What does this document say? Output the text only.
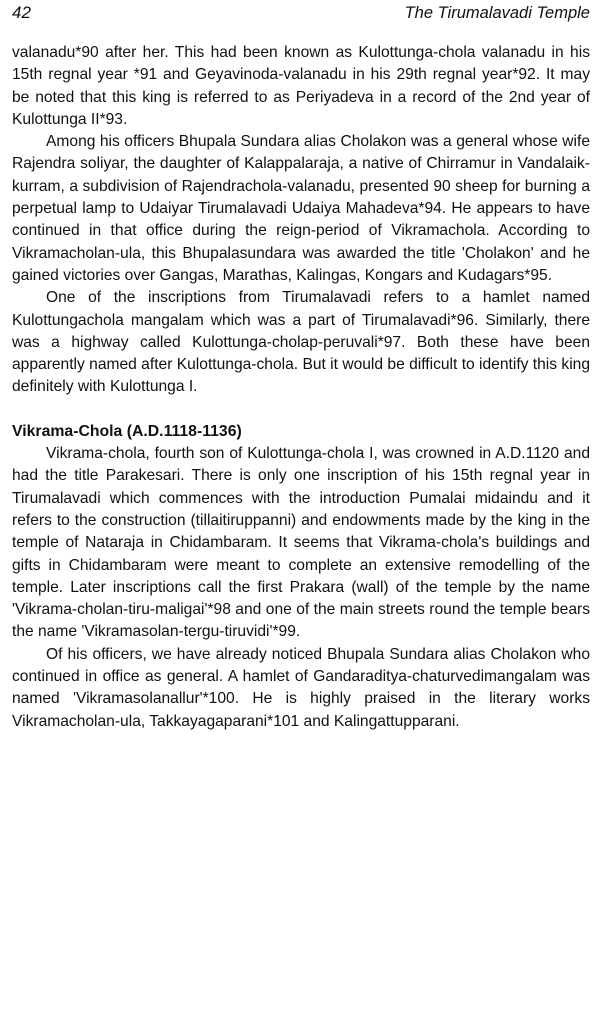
42	The Tirumalavadi Temple

valanadu*90 after her. This had been known as Kulottunga-chola valanadu in his 15th regnal year *91 and Geyavinoda-valanadu in his 29th regnal year*92. It may be noted that this king is referred to as Periyadeva in a record of the 2nd year of Kulottunga II*93.

Among his officers Bhupala Sundara alias Cholakon was a general whose wife Rajendra soliyar, the daughter of Kalappalaraja, a native of Chirramur in Vandalaik-kurram, a subdivision of Rajendrachola-valanadu, presented 90 sheep for burning a perpetual lamp to Udaiyar Tirumalavadi Udaiya Mahadeva*94. He appears to have continued in that office during the reign-period of Vikramachola. According to Vikramacholan-ula, this Bhupalasundara was awarded the title 'Cholakon' and he gained victories over Gangas, Marathas, Kalingas, Kongars and Kudagars*95.

One of the inscriptions from Tirumalavadi refers to a hamlet named Kulottungachola mangalam which was a part of Tirumalavadi*96. Similarly, there was a highway called Kulottunga-cholap-peruvali*97. Both these have been apparently named after Kulottunga-chola. But it would be difficult to identify this king definitely with Kulottunga I.

Vikrama-Chola (A.D.1118-1136)

Vikrama-chola, fourth son of Kulottunga-chola I, was crowned in A.D.1120 and had the title Parakesari. There is only one inscription of his 15th regnal year in Tirumalavadi which commences with the introduction Pumalai midaindu and it refers to the construction (tillaitiruppanni) and endowments made by the king in the temple of Nataraja in Chidambaram. It seems that Vikrama-chola's buildings and gifts in Chidambaram were meant to complete an extensive remodelling of the temple. Later inscriptions call the first Prakara (wall) of the temple by the name 'Vikrama-cholan-tiru-maligai'*98 and one of the main streets round the temple bears the name 'Vikramasolan-tergu-tiruvidi'*99.

Of his officers, we have already noticed Bhupala Sundara alias Cholakon who continued in office as general. A hamlet of Gandaraditya-chaturvedimangalam was named 'Vikramasolanallur'*100. He is highly praised in the literary works Vikramacholan-ula, Takkayagaparani*101 and Kalingattupparani.
